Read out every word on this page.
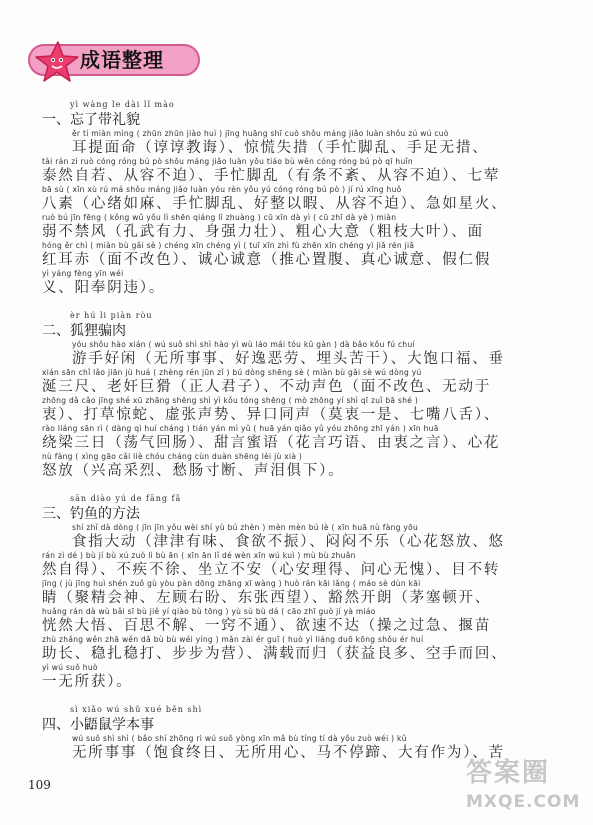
成语整理
yì wàng le dài lǐ mào
一、忘了带礼貌
ěr tí miàn mìng ( zhūn zhūn jiào huì ) jīng huāng shī cuò shǒu máng jiǎo luàn shǒu zú wú cuò
耳提面命（谆谆教诲）、惊慌失措（手忙脚乱、手足无措、
tài rán zì ruò cóng róng bú pò shǒu máng jiǎo luàn yǒu tiáo bù wěn cóng róng bú pò qī huǐn
泰然自若、从容不迫）、手忙脚乱（有条不紊、从容不迫）、七荤
bā sù ( xīn xù rú má shǒu máng jiǎo luàn yóu rèn yǒu yú cóng róng bú pò ) jí rú xīng huǒ
八素（心绪如麻、手忙脚乱、好整以暇、从容不迫）、急如星火、
ruò bú jīn fēng ( kǒng wǔ yǒu lì shēn qiáng lì zhuàng ) cū xīn dà yì ( cū zhī dà yè ) miàn
弱不禁风（孔武有力、身强力壮）、粗心大意（粗枝大叶）、面
hóng ěr chì ( miàn bù gǎi sè ) chéng xīn chéng yì ( tuī xīn zhì fù zhēn xīn chéng yì jiǎ rén jiǎ
红耳赤（面不改色）、诚心诚意（推心置腹、真心诚意、假仁假
yì yáng fèng yīn wéi
义、阳奉阴违）。
èr hú li piàn ròu
二、狐狸骗肉
yóu shǒu hào xián ( wú suǒ shì shì hào yì wù láo mái tóu kǔ gàn ) dà bǎo kǒu fú chuí
游手好闲（无所事事、好逸恶劳、埋头苦干）、大饱口福、垂
xián sān chǐ lǎo jiān jù huá ( zhèng rén jūn zǐ ) bú dòng shēng sè ( miàn bù gǎi sè wú dòng yú
涎三尺、老奸巨猾（正人君子）、不动声色（面不改色、无动于
zhōng dǎ cǎo jīng shé xū zhāng shēng shì yì kǒu tóng shēng ( mò zhōng yí shì qī zuǐ bā shé )
衷）、打草惊蛇、虚张声势、异口同声（莫衷一是、七嘴八舌）、
rào liáng sān rì ( dàng qì huí cháng ) tián yán mì yǔ ( huā yán qiǎo yǔ yóu zhōng zhī yán ) xīn huā
绕梁三日（荡气回肠）、甜言蜜语（花言巧语、由衷之言）、心花
nù fàng ( xìng gāo cǎi liè chóu cháng cùn duàn shēng lèi jù xià )
怒放（兴高采烈、愁肠寸断、声泪俱下）。
sān diào yú de fāng fǎ
三、钓鱼的方法
shí zhǐ dà dòng ( jīn jīn yǒu wèi shí yù bú zhèn ) mèn mèn bú lè ( xīn huā nù fàng yōu
食指大动（津津有味、食欲不振）、闷闷不乐（心花怒放、悠
rán zì dé ) bù jí bù xú zuò lì bù ān ( xīn ān lǐ dé wèn xīn wú kuì ) mù bù zhuǎn
然自得）、不疾不徐、坐立不安（心安理得、问心无愧）、目不转
jīng ( jù jīng huì shén zuǒ gù yòu pàn dōng zhāng xī wàng ) huò rán kāi lǎng ( máo sè dùn kāi
睛（聚精会神、左顾右盼、东张西望）、豁然开朗（茅塞顿开、
huǎng rán dà wù bǎi sī bù jiě yí qiào bù tōng ) yù sù bù dá ( cāo zhī guò jí yà miáo
恍然大悟、百思不解、一窍不通）、欲速不达（操之过急、揠苗
zhù zhǎng wěn zhā wěn dǎ bù bù wéi yíng ) mǎn zài ér guī ( huò yì liáng duō kōng shǒu ér huí
助长、稳扎稳打、步步为营）、满载而归（获益良多、空手而回、
yì wú suǒ huò
一无所获）。
sì xiǎo wú shǔ xué běn shì
四、小鼯鼠学本事
wú suǒ shì shì ( bǎo shí zhōng rì wú suǒ yòng xīn mǎ bù tíng tí dà yǒu zuò wéi ) kǔ
无所事事（饱食终日、无所用心、马不停蹄、大有作为）、苦
109	答案圈
MXQE.COM
